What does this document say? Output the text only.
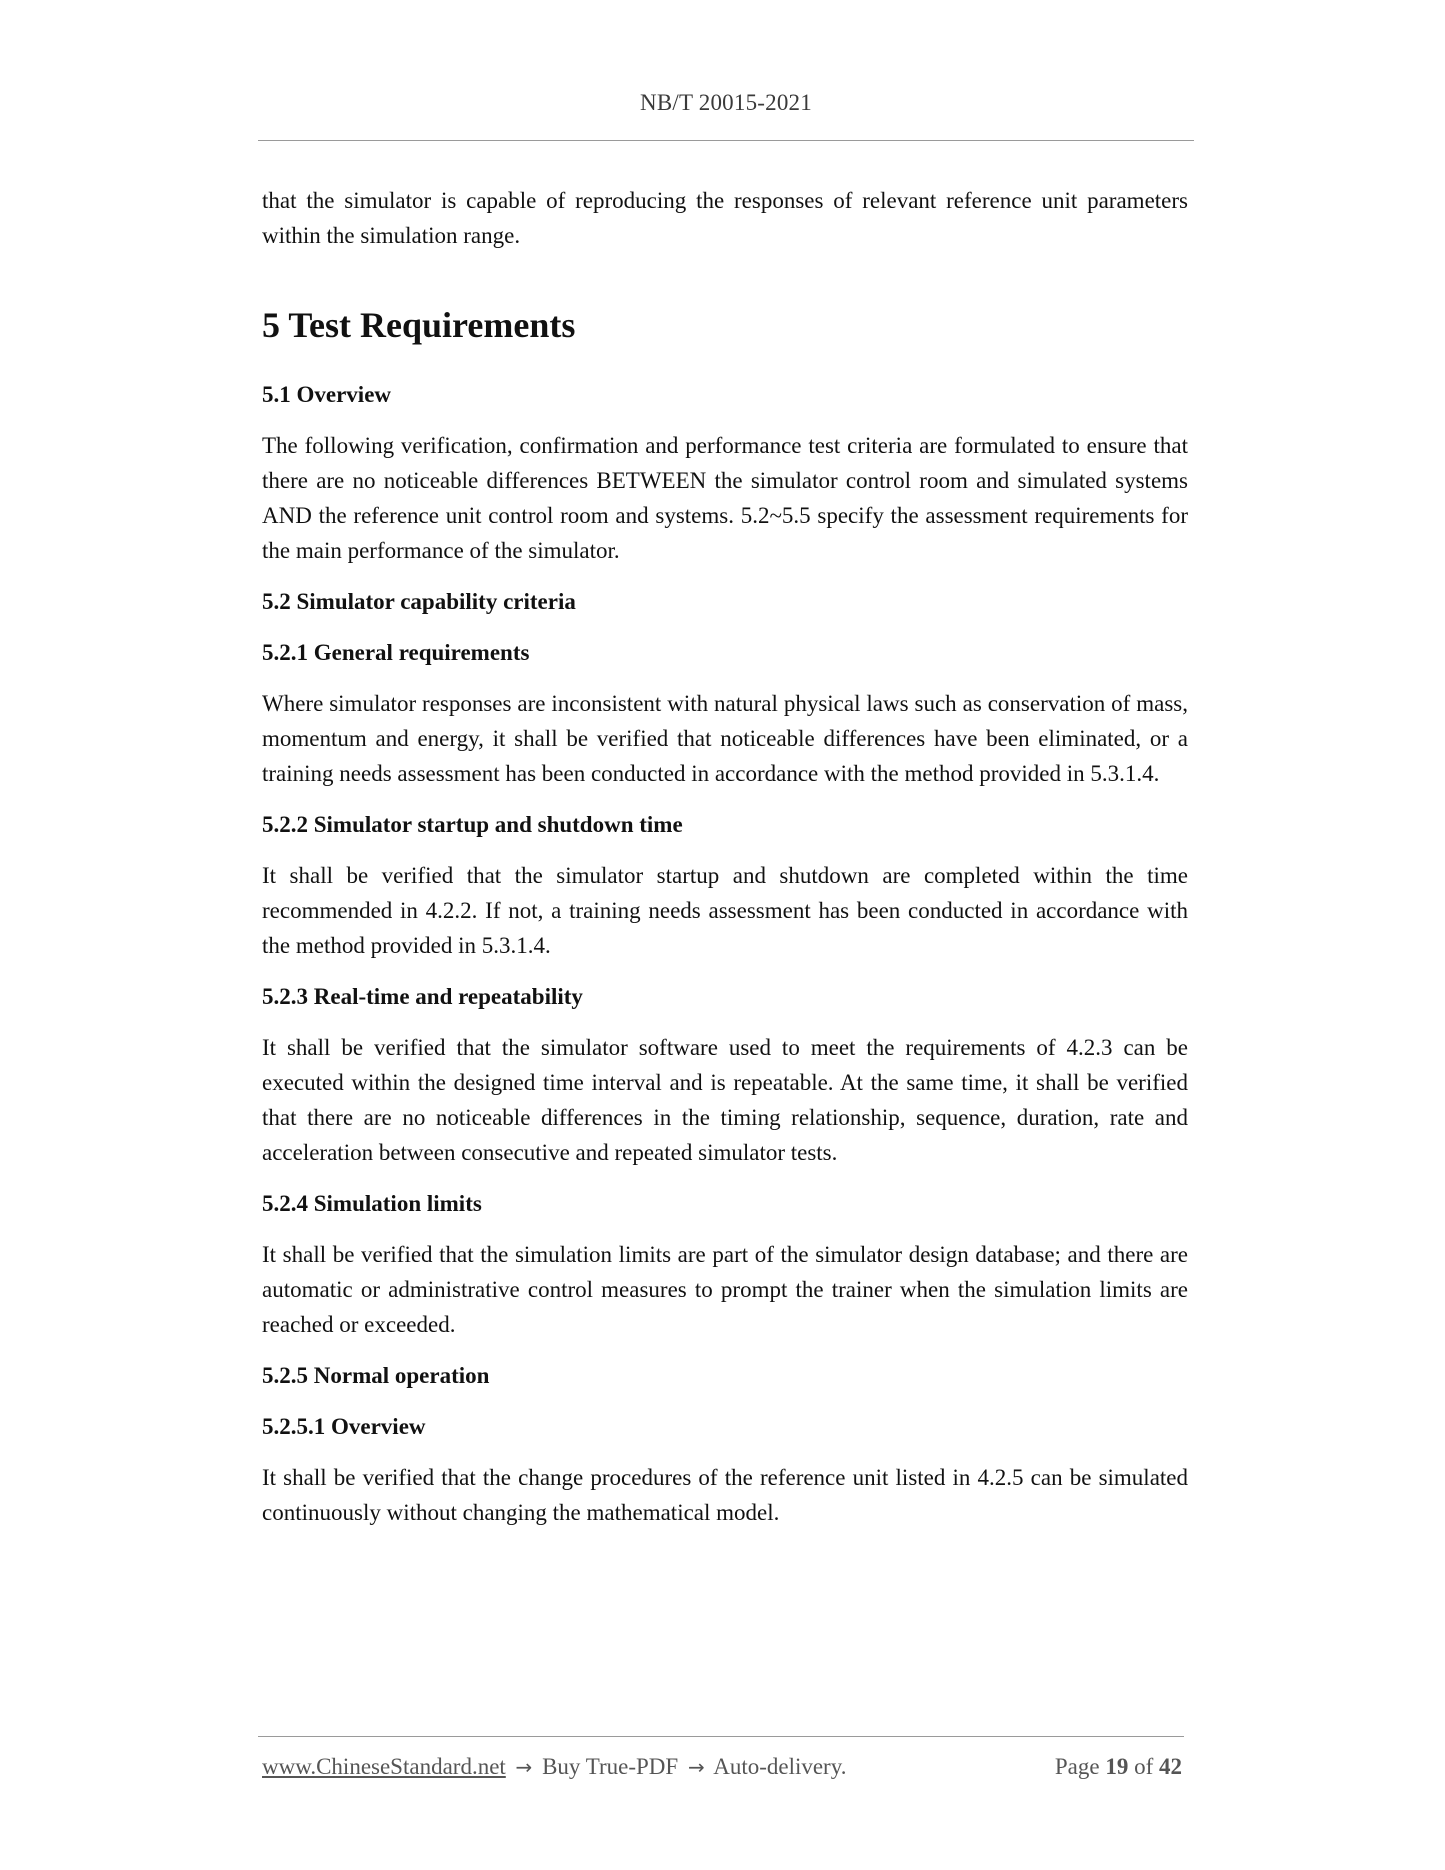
NB/T 20015-2021

that the simulator is capable of reproducing the responses of relevant reference unit parameters within the simulation range.

5 Test Requirements
5.1 Overview

The following verification, confirmation and performance test criteria are formulated to ensure that there are no noticeable differences BETWEEN the simulator control room and simulated systems AND the reference unit control room and systems. 5.2~5.5 specify the assessment requirements for the main performance of the simulator.

5.2 Simulator capability criteria
5.2.1 General requirements

Where simulator responses are inconsistent with natural physical laws such as conservation of mass, momentum and energy, it shall be verified that noticeable differences have been eliminated, or a training needs assessment has been conducted in accordance with the method provided in 5.3.1.4.

5.2.2 Simulator startup and shutdown time

It shall be verified that the simulator startup and shutdown are completed within the time recommended in 4.2.2. If not, a training needs assessment has been conducted in accordance with the method provided in 5.3.1.4.

5.2.3 Real-time and repeatability

It shall be verified that the simulator software used to meet the requirements of 4.2.3 can be executed within the designed time interval and is repeatable. At the same time, it shall be verified that there are no noticeable differences in the timing relationship, sequence, duration, rate and acceleration between consecutive and repeated simulator tests.

5.2.4 Simulation limits

It shall be verified that the simulation limits are part of the simulator design database; and there are automatic or administrative control measures to prompt the trainer when the simulation limits are reached or exceeded.

5.2.5 Normal operation
5.2.5.1 Overview

It shall be verified that the change procedures of the reference unit listed in 4.2.5 can be simulated continuously without changing the mathematical model.

www.ChineseStandard.net → Buy True-PDF → Auto-delivery.	Page 19 of 42
